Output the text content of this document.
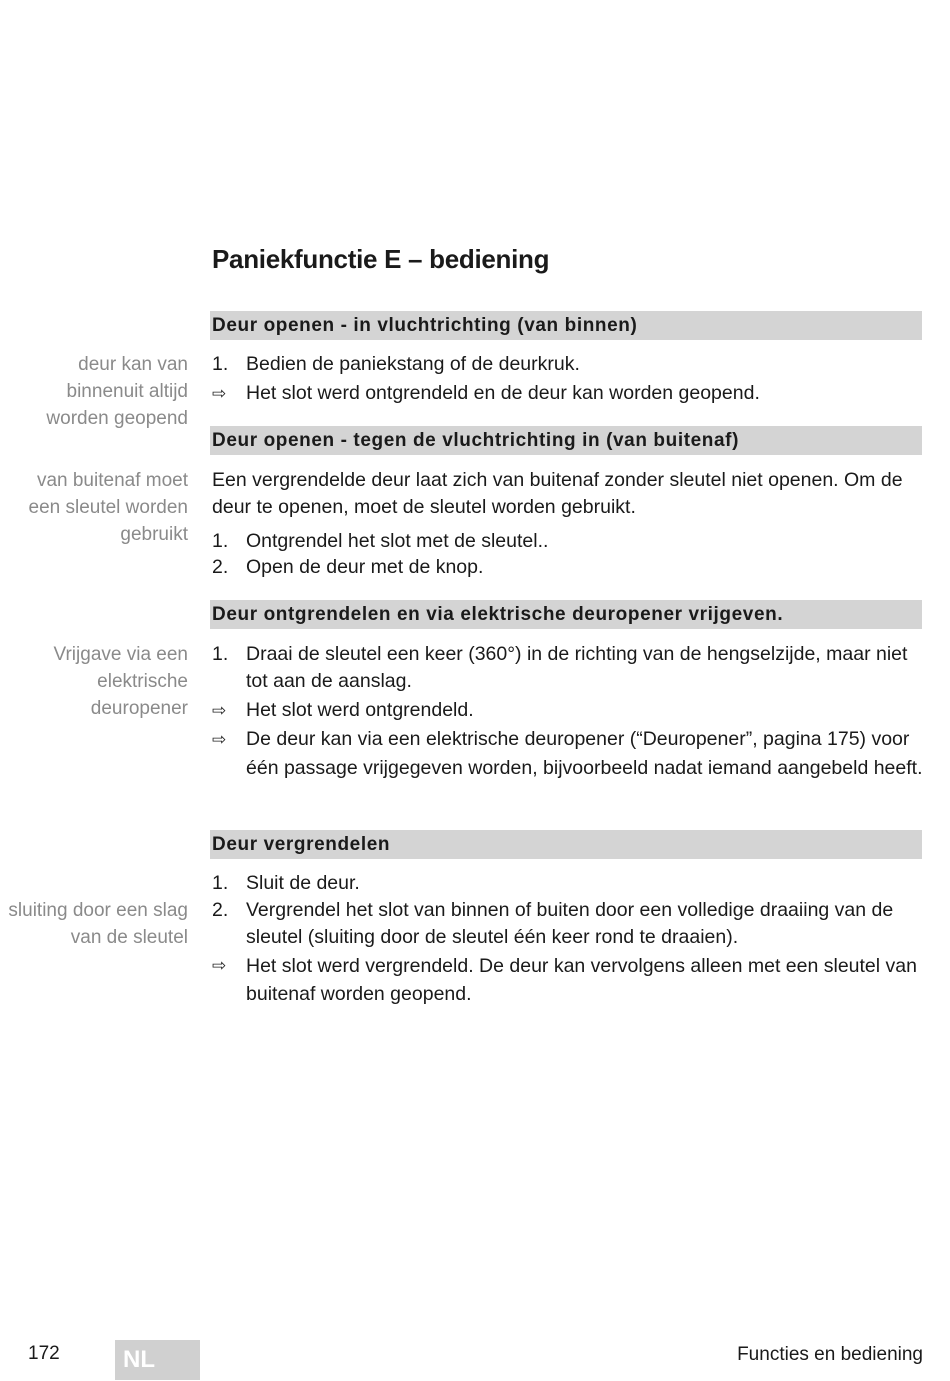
Paniekfunctie E – bediening
Deur openen - in vluchtrichting (van binnen)
deur kan van binnenuit altijd worden geopend
1. Bedien de paniekstang of de deurkruk.
⇨	Het slot werd ontgrendeld en de deur kan worden geopend.
Deur openen - tegen de vluchtrichting in (van buitenaf)
van buitenaf moet een sleutel worden gebruikt
Een vergrendelde deur laat zich van buitenaf zonder sleutel niet openen. Om de deur te openen, moet de sleutel worden gebruikt.
1. Ontgrendel het slot met de sleutel..
2. Open de deur met de knop.
Deur ontgrendelen en via elektrische deuropener vrijgeven.
Vrijgave via een elektrische deuropener
1. Draai de sleutel een keer (360°) in de richting van de hengselzijde, maar niet tot aan de aanslag.
⇨	Het slot werd ontgrendeld.
⇨	De deur kan via een elektrische deuropener (“Deuropener”, pagina 175) voor één passage vrijgegeven worden, bijvoorbeeld nadat iemand aangebeld heeft.
Deur vergrendelen
sluiting door een slag van de sleutel
1. Sluit de deur.
2. Vergrendel het slot van binnen of buiten door een volledige draaiing van de sleutel (sluiting door de sleutel één keer rond te draaien).
⇨	Het slot werd vergrendeld. De deur kan vervolgens alleen met een sleutel van buitenaf worden geopend.
172	NL	Functies en bediening
